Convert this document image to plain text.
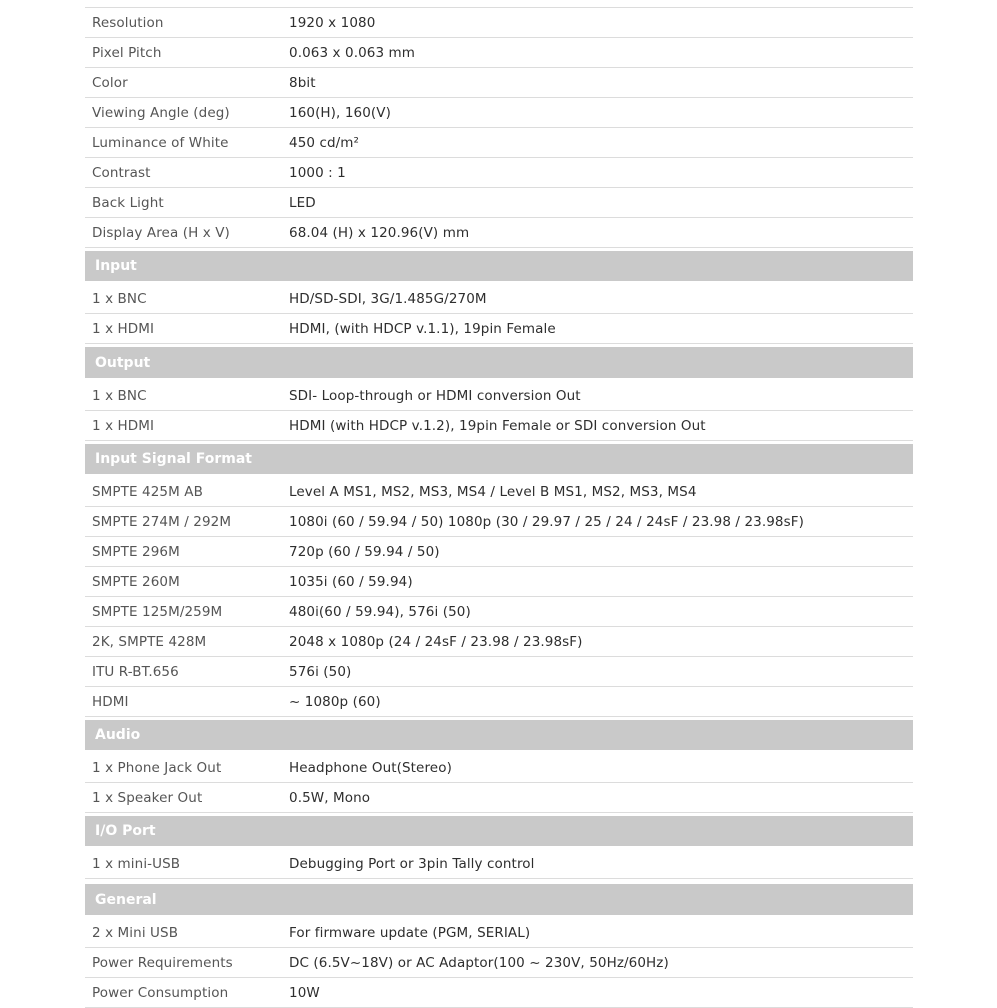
Resolution	1920 x 1080
Pixel Pitch	0.063 x 0.063 mm
Color	8bit
Viewing Angle (deg)	160(H), 160(V)
Luminance of White	450 cd/m²
Contrast	1000 : 1
Back Light	LED
Display Area (H x V)	68.04 (H) x 120.96(V) mm
Input
1 x BNC	HD/SD-SDI, 3G/1.485G/270M
1 x HDMI	HDMI, (with HDCP v.1.1), 19pin Female
Output
1 x BNC	SDI- Loop-through or HDMI conversion Out
1 x HDMI	HDMI (with HDCP v.1.2), 19pin Female or SDI conversion Out
Input Signal Format
SMPTE 425M AB	Level A MS1, MS2, MS3, MS4 / Level B MS1, MS2, MS3, MS4
SMPTE 274M / 292M	1080i (60 / 59.94 / 50) 1080p (30 / 29.97 / 25 / 24 / 24sF / 23.98 / 23.98sF)
SMPTE 296M	720p (60 / 59.94 / 50)
SMPTE 260M	1035i (60 / 59.94)
SMPTE 125M/259M	480i(60 / 59.94), 576i (50)
2K, SMPTE 428M	2048 x 1080p (24 / 24sF / 23.98 / 23.98sF)
ITU R-BT.656	576i (50)
HDMI	~ 1080p (60)
Audio
1 x Phone Jack Out	Headphone Out(Stereo)
1 x Speaker Out	0.5W, Mono
I/O Port
1 x mini-USB	Debugging Port or 3pin Tally control
General
2 x Mini USB	For firmware update (PGM, SERIAL)
Power Requirements	DC (6.5V~18V) or AC Adaptor(100 ~ 230V, 50Hz/60Hz)
Power Consumption	10W
